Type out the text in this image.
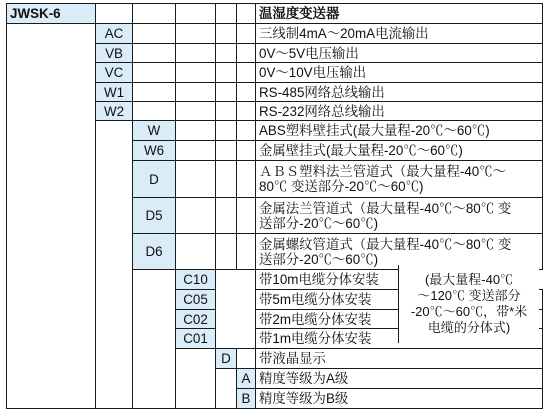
JWSK-6						温湿度变送器
	AC					三线制4mA～20mA电流输出
	VB					0V～5V电压输出
	VC					0V～10V电压输出
	W1					RS-485网络总线输出
	W2					RS-232网络总线输出
		W				ABS塑料壁挂式(最大量程-20℃～60℃)
		W6				金属壁挂式(最大量程-20℃～60℃)
		D				ＡＢＳ塑料法兰管道式（最大量程-40℃～
80℃ 变送部分-20℃～60℃)
		D5				金属法兰管道式（最大量程-40℃～80℃ 变
送部分-20℃～60℃)
		D6				金属螺纹管道式（最大量程-40℃～80℃ 变
送部分-20℃～60℃)
			C10			带10m电缆分体安装
			C05			带5m电缆分体安装
			C02			带2m电缆分体安装
			C01			带1m电缆分体安装
				D		带液晶显示
					A	精度等级为A级
					B	精度等级为B级
(最大量程-40℃
～120℃ 变送部分
-20℃～60℃，带*米
电缆的分体式)
